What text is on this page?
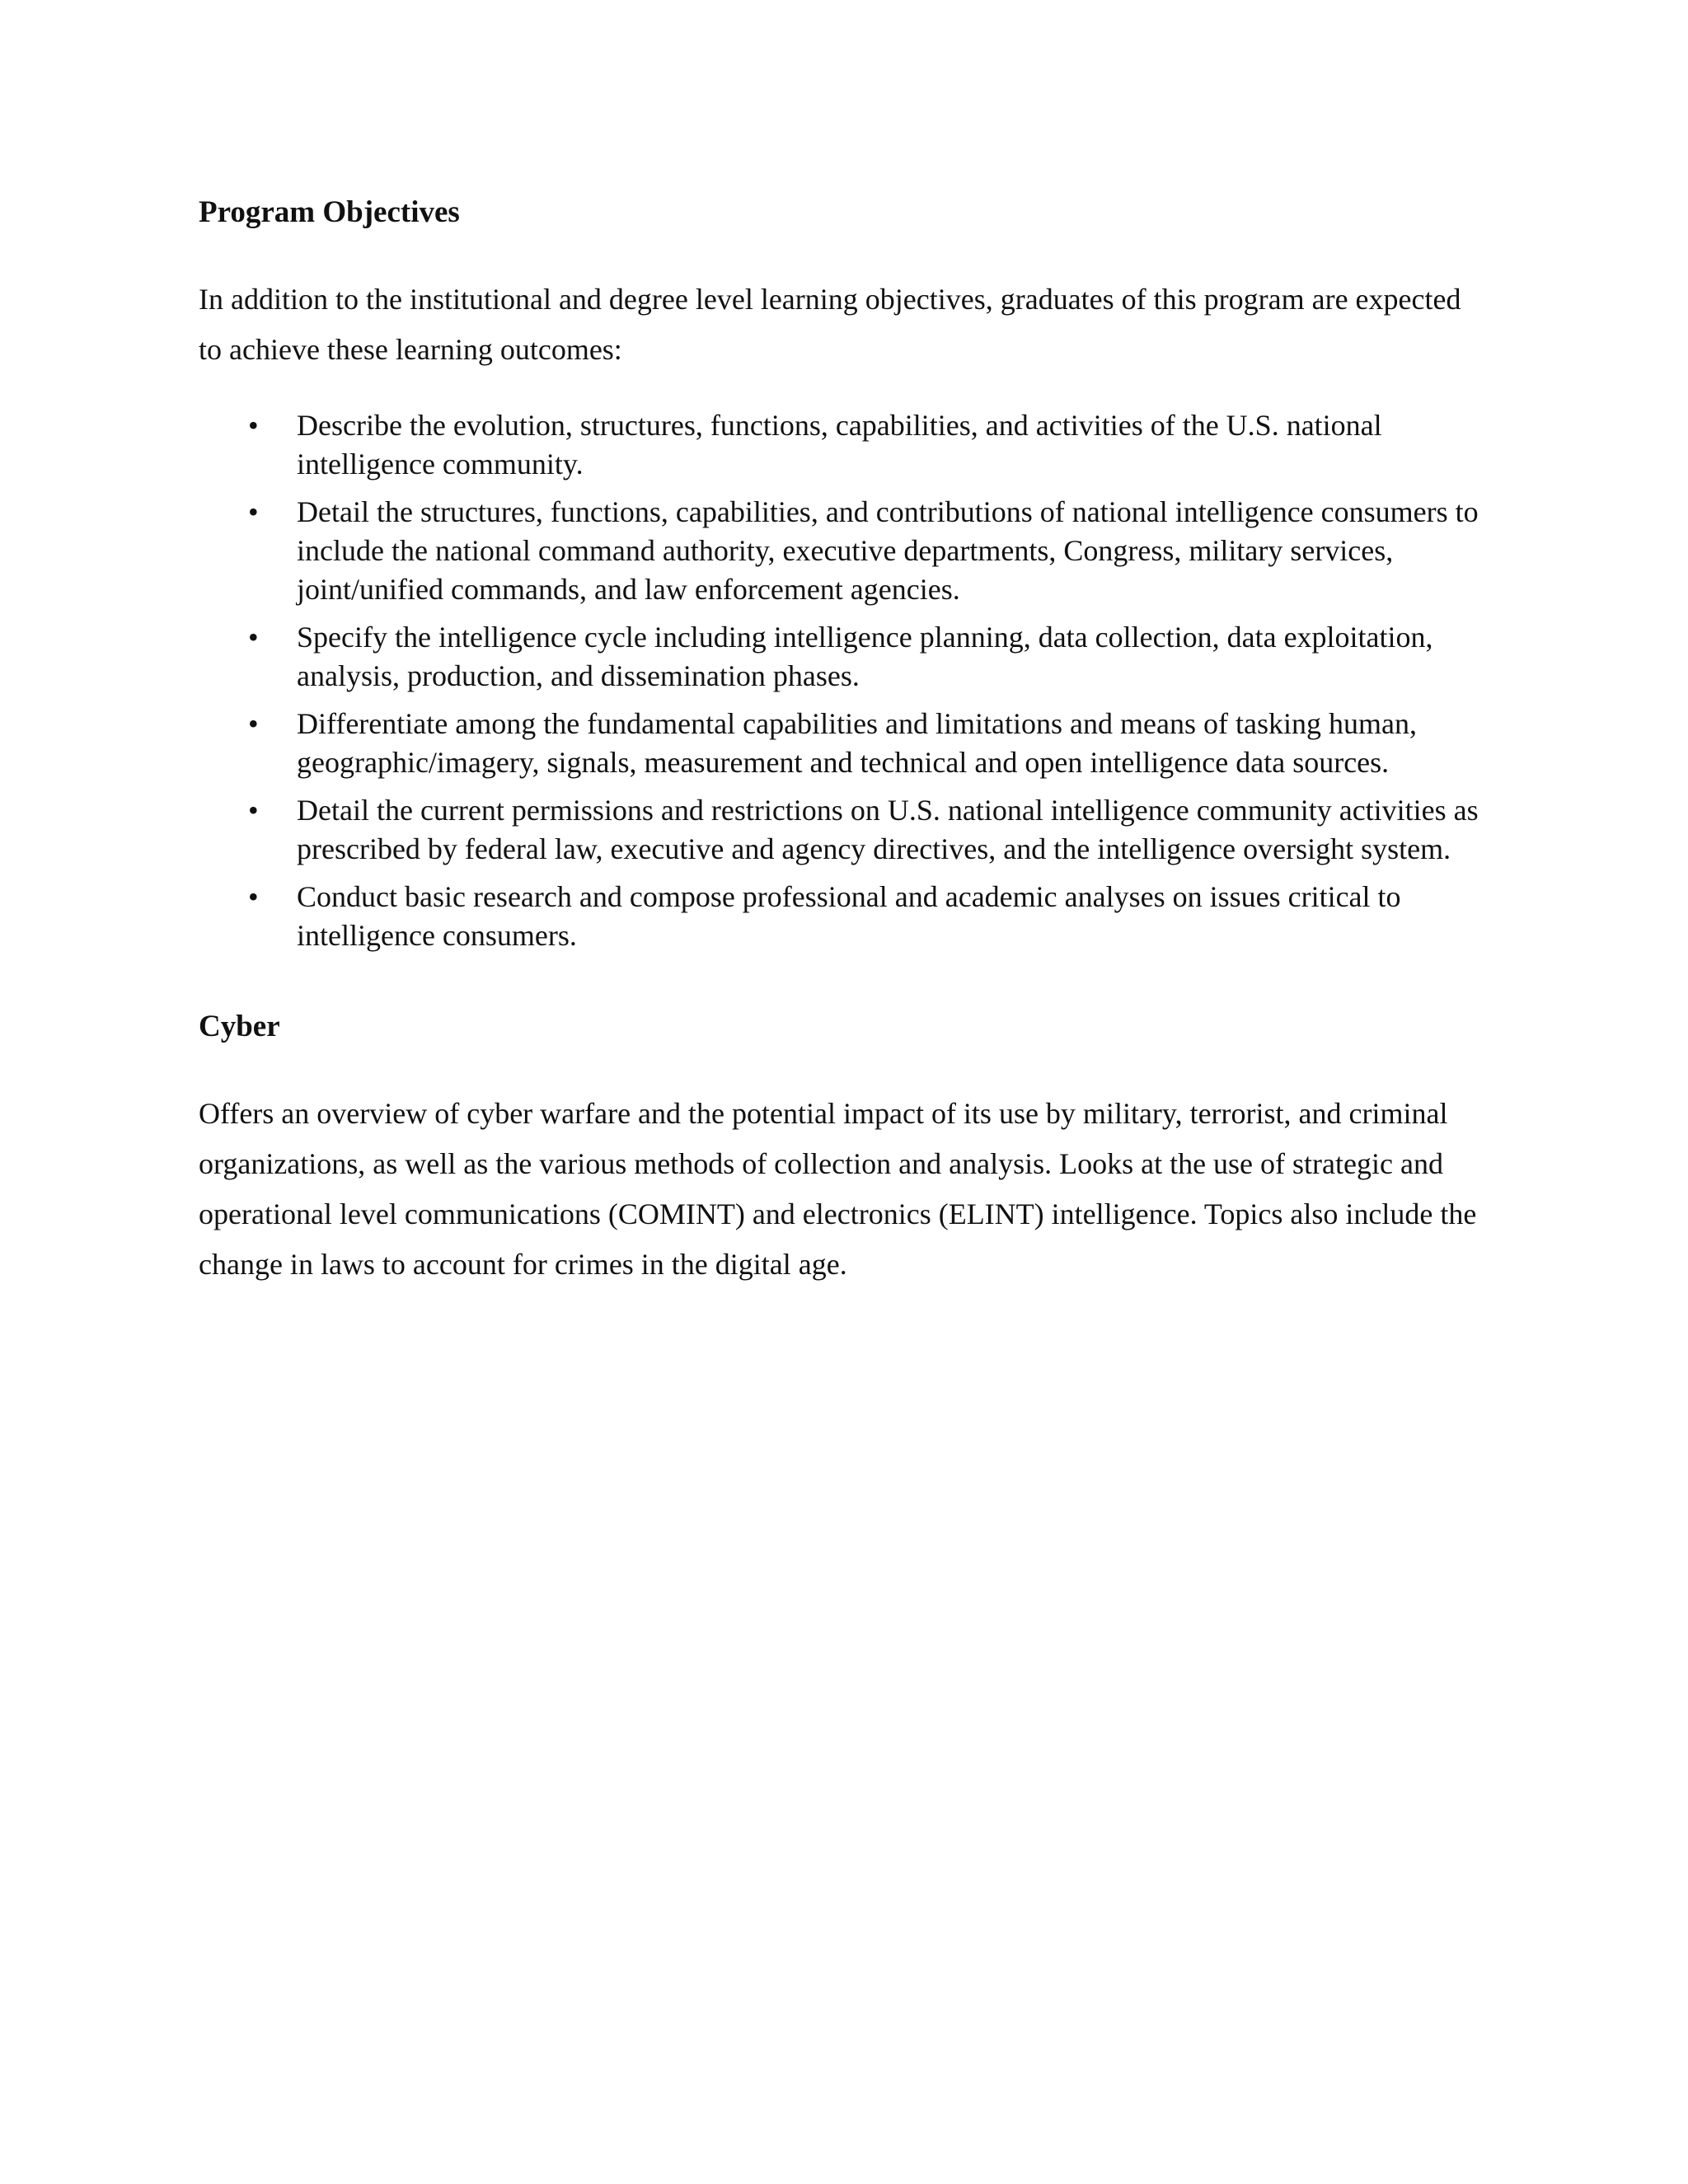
Program Objectives

In addition to the institutional and degree level learning objectives, graduates of this program are expected to achieve these learning outcomes:

• Describe the evolution, structures, functions, capabilities, and activities of the U.S. national intelligence community.
• Detail the structures, functions, capabilities, and contributions of national intelligence consumers to include the national command authority, executive departments, Congress, military services, joint/unified commands, and law enforcement agencies.
• Specify the intelligence cycle including intelligence planning, data collection, data exploitation, analysis, production, and dissemination phases.
• Differentiate among the fundamental capabilities and limitations and means of tasking human, geographic/imagery, signals, measurement and technical and open intelligence data sources.
• Detail the current permissions and restrictions on U.S. national intelligence community activities as prescribed by federal law, executive and agency directives, and the intelligence oversight system.
• Conduct basic research and compose professional and academic analyses on issues critical to intelligence consumers.
Cyber

Offers an overview of cyber warfare and the potential impact of its use by military, terrorist, and criminal organizations, as well as the various methods of collection and analysis. Looks at the use of strategic and operational level communications (COMINT) and electronics (ELINT) intelligence. Topics also include the change in laws to account for crimes in the digital age.
